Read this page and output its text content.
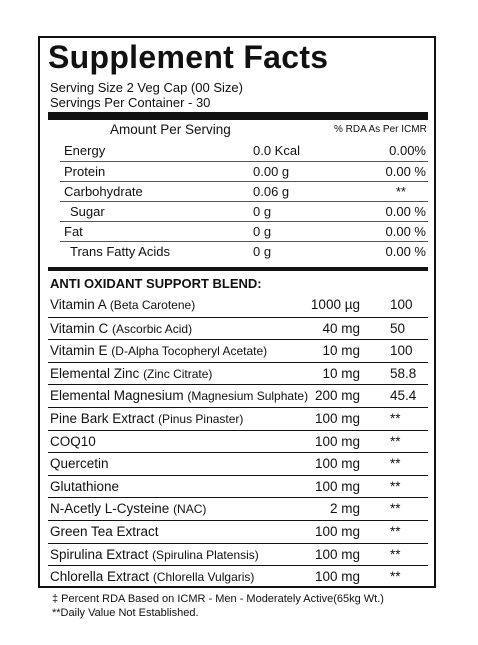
Supplement Facts
Serving Size 2 Veg Cap (00 Size)
Servings Per Container - 30
Amount Per Serving	% RDA As Per ICMR
Energy	0.0 Kcal	0.00%
Protein	0.00 g	0.00 %
Carbohydrate	0.06 g	**
Sugar	0 g	0.00 %
Fat	0 g	0.00 %
Trans Fatty Acids	0 g	0.00 %
ANTI OXIDANT SUPPORT BLEND:
Vitamin A (Beta Carotene)	1000 µg 100
Vitamin C (Ascorbic Acid)	40 mg 50
Vitamin E (D-Alpha Tocopheryl Acetate)	10 mg 100
Elemental Zinc (Zinc Citrate)	10 mg 58.8
Elemental Magnesium (Magnesium Sulphate) 200 mg 45.4
Pine Bark Extract (Pinus Pinaster)	100 mg **
COQ10	100 mg **
Quercetin	100 mg **
Glutathione	100 mg **
N-Acetly L-Cysteine (NAC)	2 mg **
Green Tea Extract	100 mg **
Spirulina Extract (Spirulina Platensis)	100 mg **
Chlorella Extract (Chlorella Vulgaris)	100 mg **
‡ Percent RDA Based on ICMR - Men - Moderately Active(65kg Wt.)
**Daily Value Not Established.
